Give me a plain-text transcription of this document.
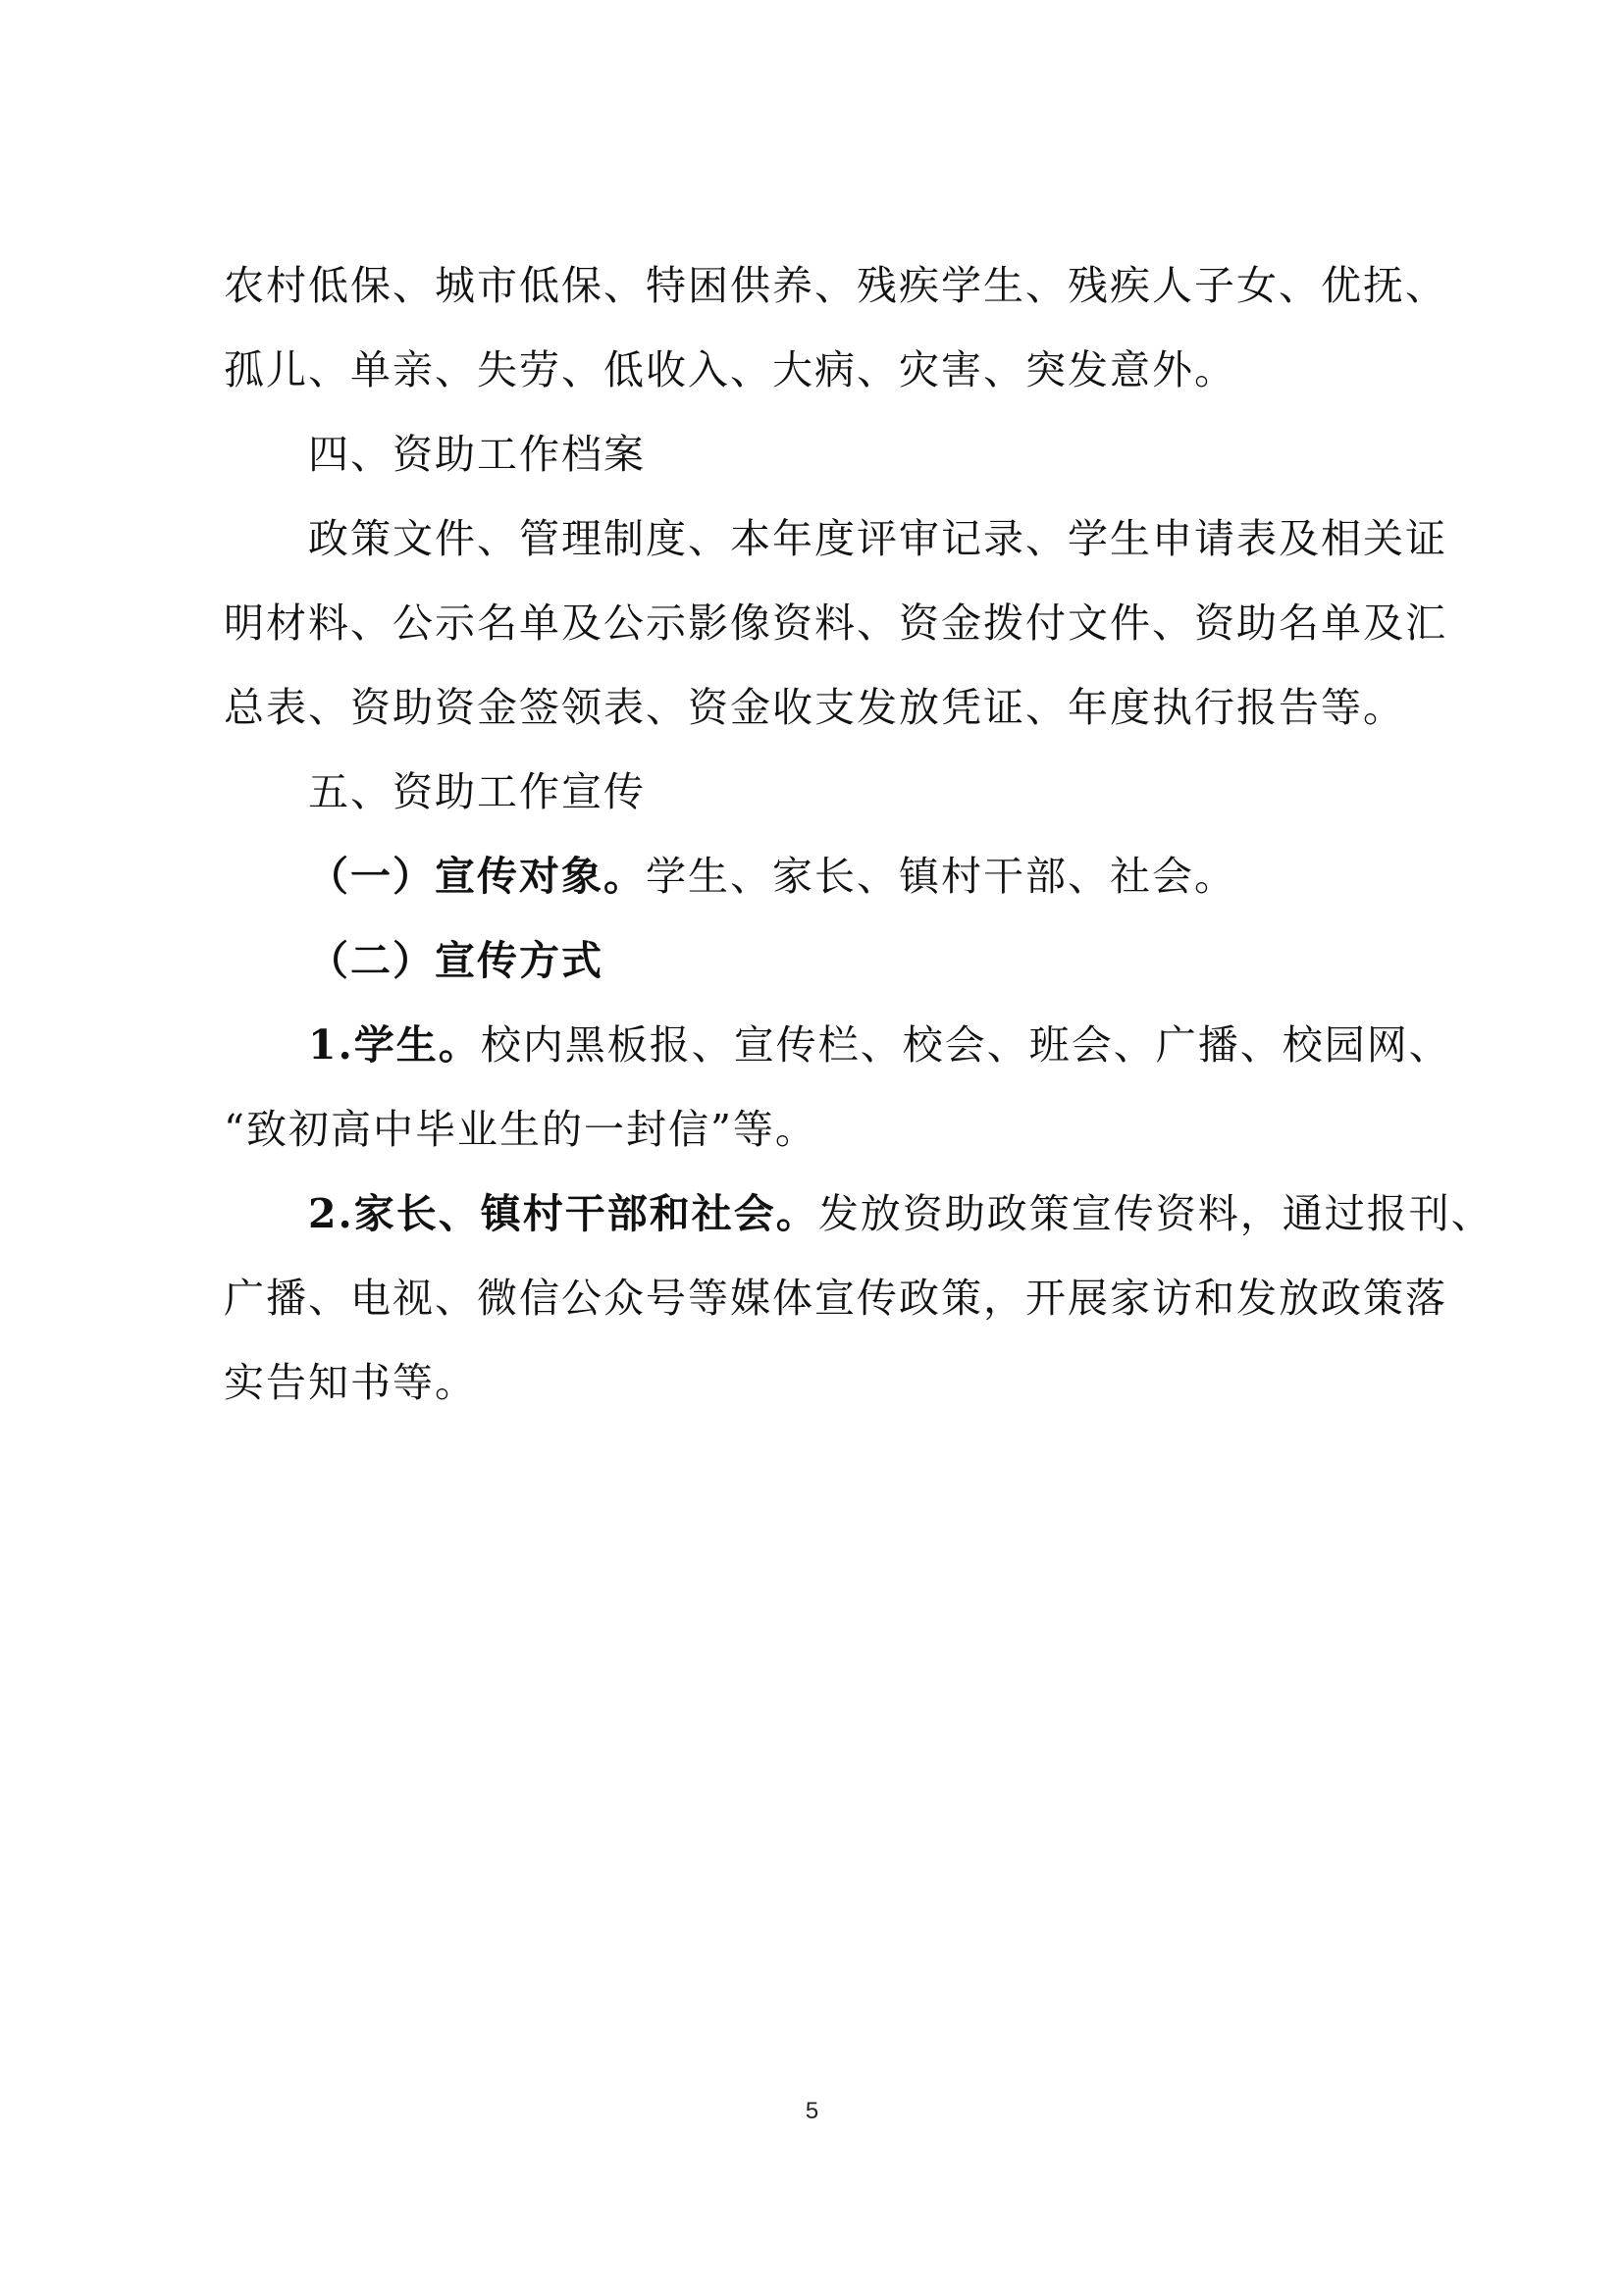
农村低保、城市低保、特困供养、残疾学生、残疾人子女、优抚、
孤儿、单亲、失劳、低收入、大病、灾害、突发意外。
四、资助工作档案
政策文件、管理制度、本年度评审记录、学生申请表及相关证
明材料、公示名单及公示影像资料、资金拨付文件、资助名单及汇
总表、资助资金签领表、资金收支发放凭证、年度执行报告等。
五、资助工作宣传
（一）宣传对象。学生、家长、镇村干部、社会。
（二）宣传方式
1.学生。校内黑板报、宣传栏、校会、班会、广播、校园网、
“致初高中毕业生的一封信”等。
2.家长、镇村干部和社会。发放资助政策宣传资料，通过报刊、
广播、电视、微信公众号等媒体宣传政策，开展家访和发放政策落
实告知书等。
5
